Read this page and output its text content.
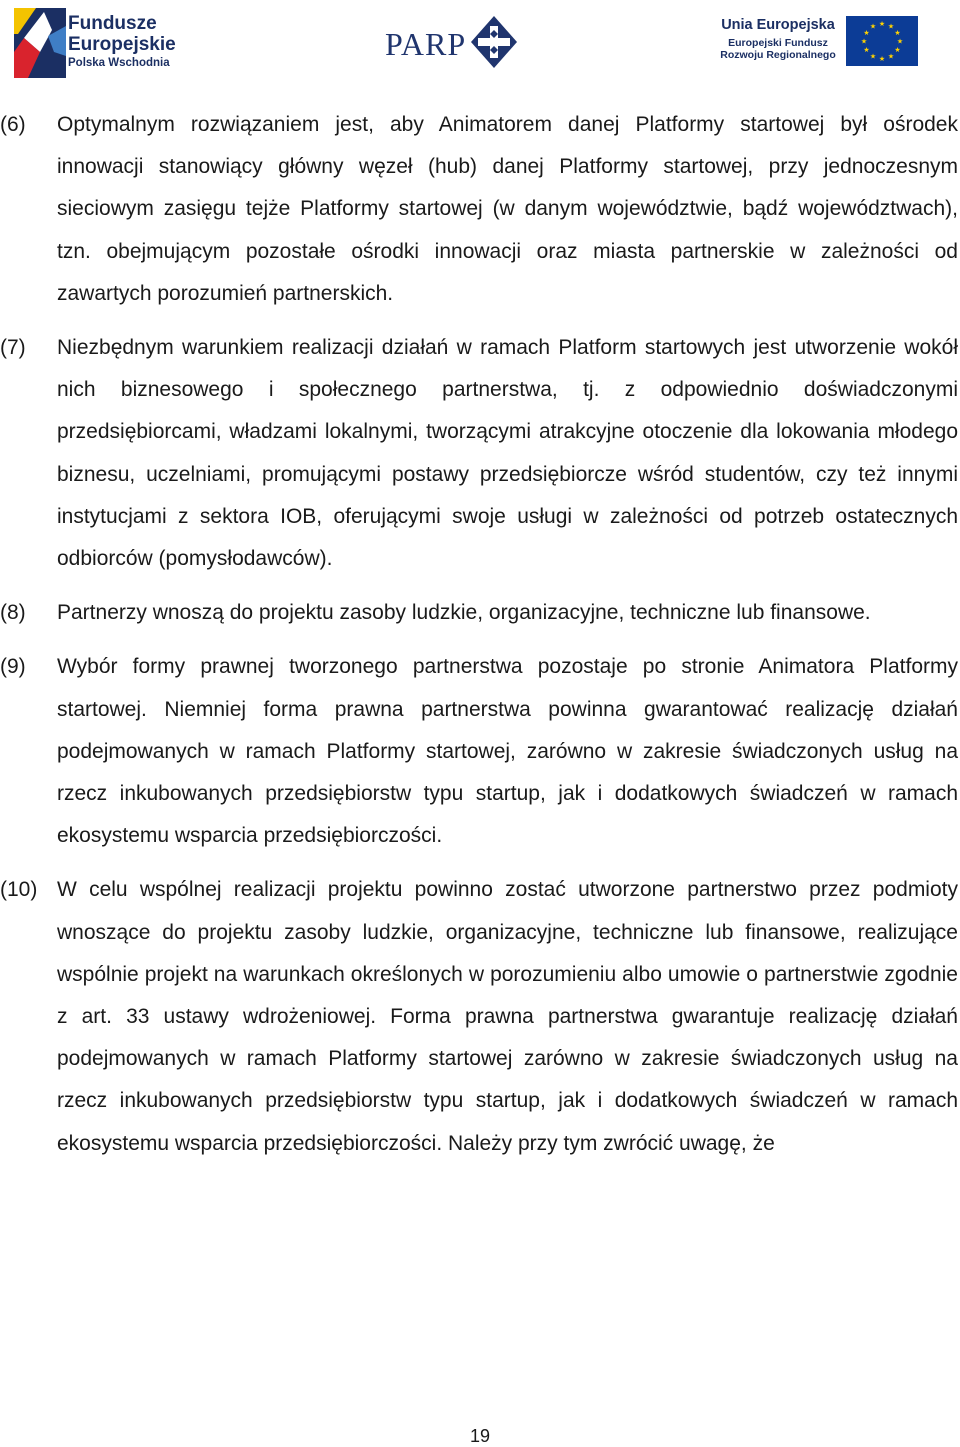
Fundusze
Europejskie
Polska Wschodnia
PARP
Unia Europejska
Europejski Fundusz
Rozwoju Regionalnego
★ ★
★
★
★
★
★
★
★
★
★
★
(6)	Optymalnym rozwiązaniem jest, aby Animatorem danej Platformy startowej był ośrodek innowacji stanowiący główny węzeł (hub) danej Platformy startowej, przy jednoczesnym sieciowym zasięgu tejże Platformy startowej (w danym województwie, bądź województwach), tzn. obejmującym pozostałe ośrodki innowacji oraz miasta partnerskie w zależności od zawartych porozumień partnerskich.
(7)	Niezbędnym warunkiem realizacji działań w ramach Platform startowych jest utworzenie wokół nich biznesowego i społecznego partnerstwa, tj. z odpowiednio doświadczonymi przedsiębiorcami, władzami lokalnymi, tworzącymi atrakcyjne otoczenie dla lokowania młodego biznesu, uczelniami, promującymi postawy przedsiębiorcze wśród studentów, czy też innymi instytucjami z sektora IOB, oferującymi swoje usługi w zależności od potrzeb ostatecznych odbiorców (pomysłodawców).
(8)	Partnerzy wnoszą do projektu zasoby ludzkie, organizacyjne, techniczne lub finansowe.
(9)	Wybór formy prawnej tworzonego partnerstwa pozostaje po stronie Animatora Platformy startowej. Niemniej forma prawna partnerstwa powinna gwarantować realizację działań podejmowanych w ramach Platformy startowej, zarówno w zakresie świadczonych usług na rzecz inkubowanych przedsiębiorstw typu startup, jak i dodatkowych świadczeń w ramach ekosystemu wsparcia przedsiębiorczości.
(10) W celu wspólnej realizacji projektu powinno zostać utworzone partnerstwo przez podmioty wnoszące do projektu zasoby ludzkie, organizacyjne, techniczne lub finansowe, realizujące wspólnie projekt na warunkach określonych w porozumieniu albo umowie o partnerstwie zgodnie z art. 33 ustawy wdrożeniowej. Forma prawna partnerstwa gwarantuje realizację działań podejmowanych w ramach Platformy startowej zarówno w zakresie świadczonych usług na rzecz inkubowanych przedsiębiorstw typu startup, jak i dodatkowych świadczeń w ramach ekosystemu wsparcia przedsiębiorczości. Należy przy tym zwrócić uwagę, że
19
